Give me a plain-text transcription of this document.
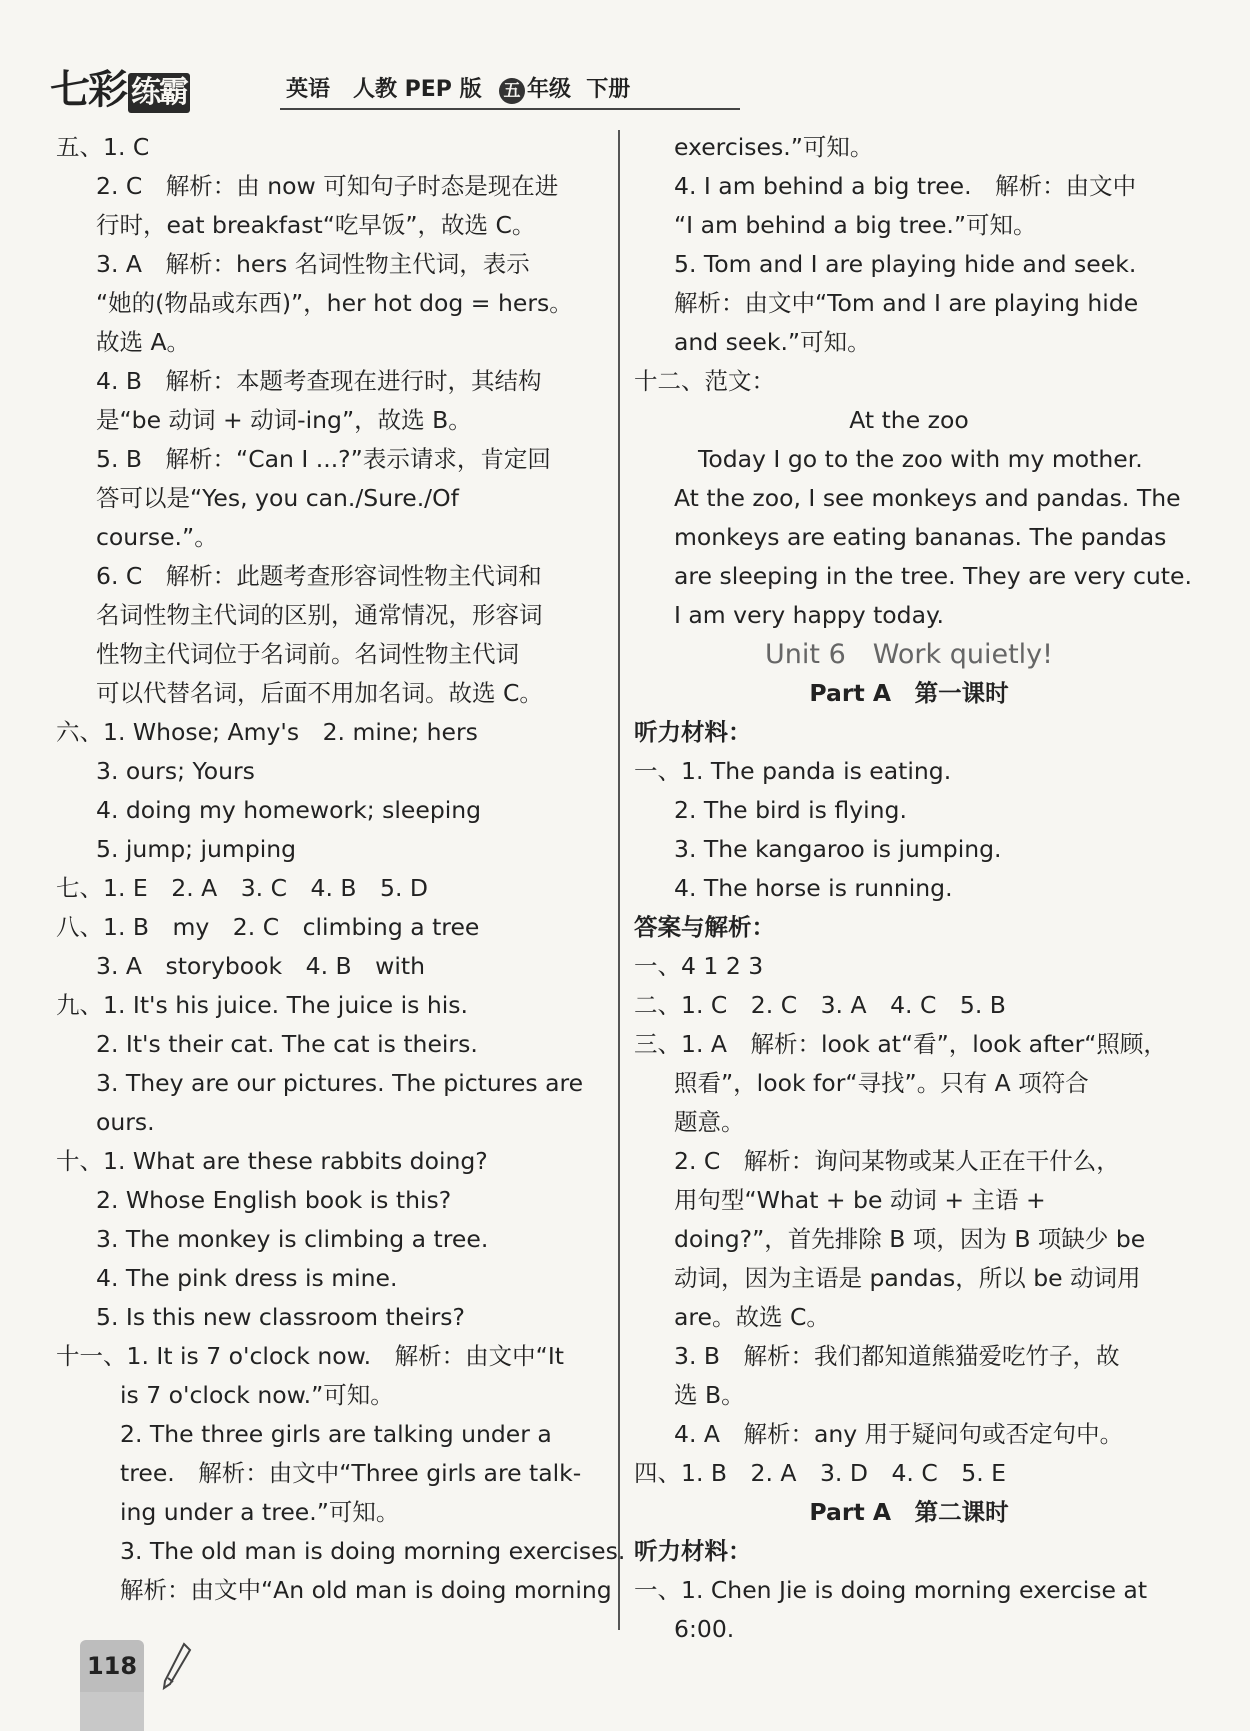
七彩 练霸	英语 人教 PEP 版 五 年级 下册
五、1. C
2. C　解析：由 now 可知句子时态是现在进
行时，eat breakfast“吃早饭”，故选 C。
3. A　解析：hers 名词性物主代词，表示
“她的(物品或东西)”，her hot dog = hers。
故选 A。
4. B　解析：本题考查现在进行时，其结构
是“be 动词 + 动词-ing”，故选 B。
5. B　解析：“Can I ...?”表示请求，肯定回
答可以是“Yes, you can./Sure./Of
course.”。
6. C　解析：此题考查形容词性物主代词和
名词性物主代词的区别，通常情况，形容词
性物主代词位于名词前。名词性物主代词
可以代替名词，后面不用加名词。故选 C。
六、1. Whose; Amy's　2. mine; hers
3. ours; Yours
4. doing my homework; sleeping
5. jump; jumping
七、1. E　2. A　3. C　4. B　5. D
八、1. B　my　2. C　climbing a tree
3. A　storybook　4. B　with
九、1. It's his juice. The juice is his.
2. It's their cat. The cat is theirs.
3. They are our pictures. The pictures are
ours.
十、1. What are these rabbits doing?
2. Whose English book is this?
3. The monkey is climbing a tree.
4. The pink dress is mine.
5. Is this new classroom theirs?
十一、1. It is 7 o'clock now.　解析：由文中“It
is 7 o'clock now.”可知。
2. The three girls are talking under a
tree.　解析：由文中“Three girls are talk-
ing under a tree.”可知。
3. The old man is doing morning exercises.
解析：由文中“An old man is doing morning
exercises.”可知。
4. I am behind a big tree.　解析：由文中
“I am behind a big tree.”可知。
5. Tom and I are playing hide and seek.
解析：由文中“Tom and I are playing hide
and seek.”可知。
十二、范文：
At the zoo
Today I go to the zoo with my mother.
At the zoo, I see monkeys and pandas. The
monkeys are eating bananas. The pandas
are sleeping in the tree. They are very cute.
I am very happy today.
Unit 6　Work quietly!
Part A　第一课时
听力材料：
一、1. The panda is eating.
2. The bird is flying.
3. The kangaroo is jumping.
4. The horse is running.
答案与解析：
一、4 1 2 3
二、1. C　2. C　3. A　4. C　5. B
三、1. A　解析：look at“看”，look after“照顾，
照看”，look for“寻找”。只有 A 项符合
题意。
2. C　解析：询问某物或某人正在干什么，
用句型“What + be 动词 + 主语 +
doing?”，首先排除 B 项，因为 B 项缺少 be
动词，因为主语是 pandas，所以 be 动词用
are。故选 C。
3. B　解析：我们都知道熊猫爱吃竹子，故
选 B。
4. A　解析：any 用于疑问句或否定句中。
四、1. B　2. A　3. D　4. C　5. E
Part A　第二课时
听力材料：
一、1. Chen Jie is doing morning exercise at
6:00.
118
